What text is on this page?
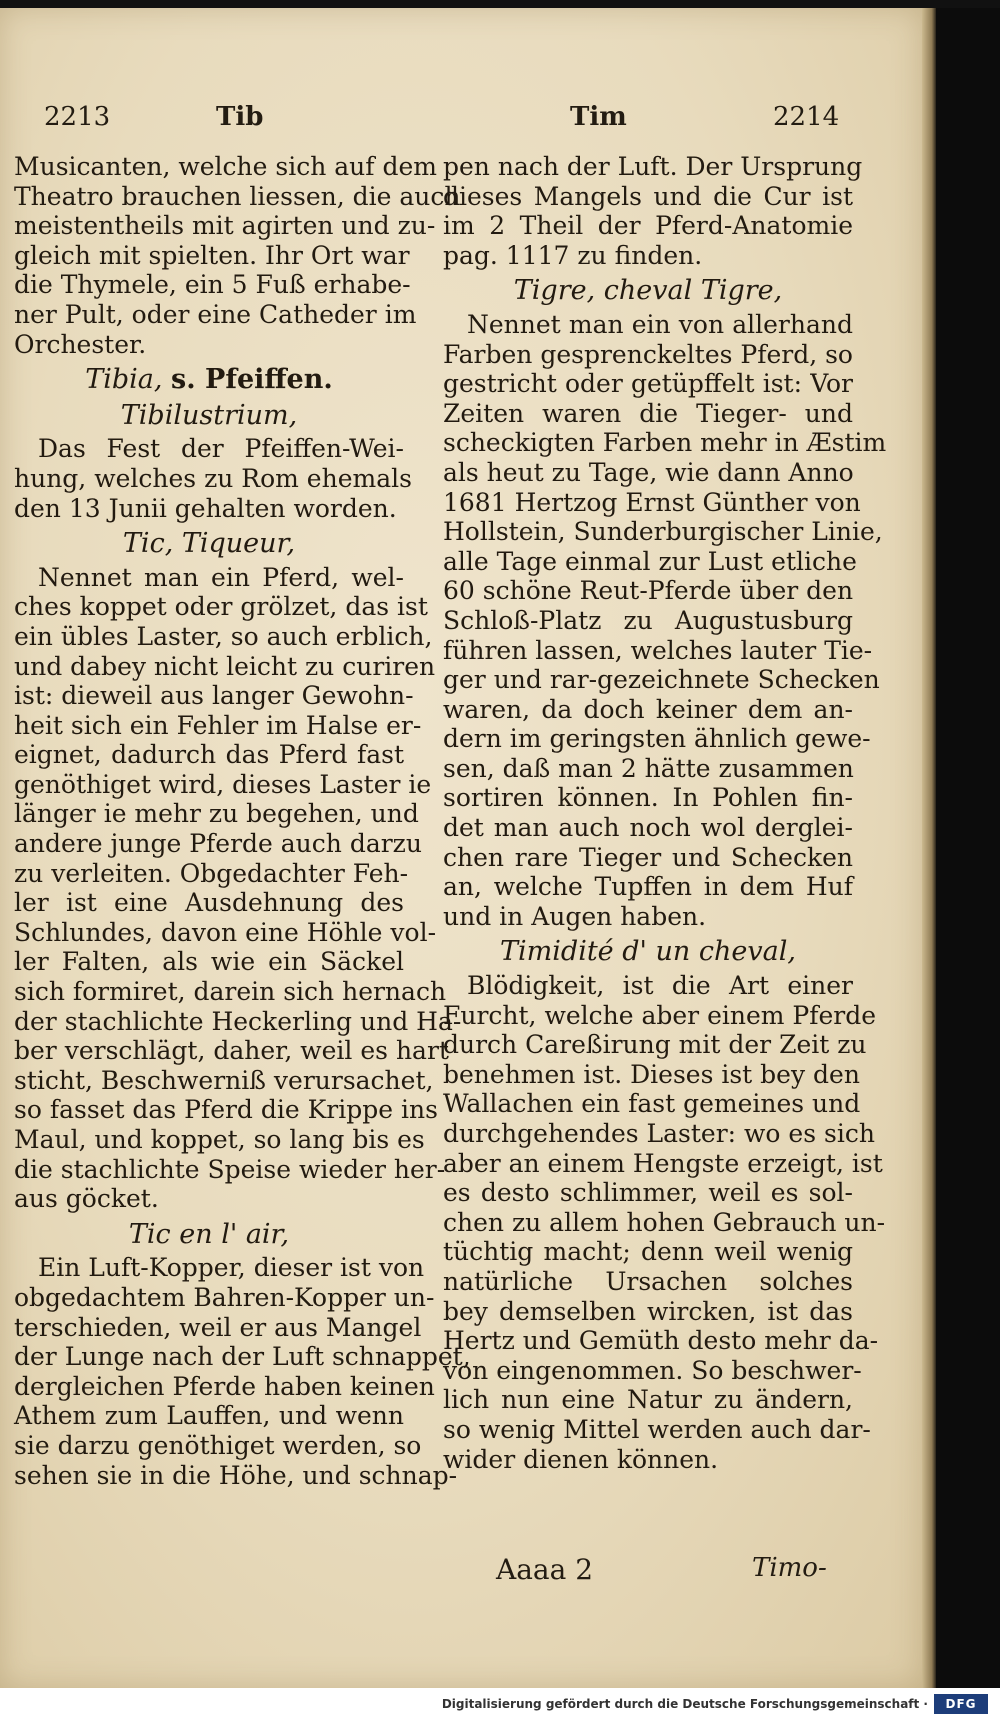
2213	Tib	Tim	2214
Musicanten, welche sich auf dem
Theatro brauchen liessen, die auch
meistentheils mit agirten und zu-
gleich mit spielten. Ihr Ort war
die Thymele, ein 5 Fuß erhabe-
ner Pult, oder eine Catheder im
Orchester.
Tibia, s. Pfeiffen.
Tibilustrium,
Das Fest der Pfeiffen-Wei-
hung, welches zu Rom ehemals
den 13 Junii gehalten worden.
Tic, Tiqueur,
Nennet man ein Pferd, wel-
ches koppet oder grölzet, das ist
ein übles Laster, so auch erblich,
und dabey nicht leicht zu curiren
ist: dieweil aus langer Gewohn-
heit sich ein Fehler im Halse er-
eignet, dadurch das Pferd fast
genöthiget wird, dieses Laster ie
länger ie mehr zu begehen, und
andere junge Pferde auch darzu
zu verleiten. Obgedachter Feh-
ler ist eine Ausdehnung des
Schlundes, davon eine Höhle vol-
ler Falten, als wie ein Säckel
sich formiret, darein sich hernach
der stachlichte Heckerling und Ha-
ber verschlägt, daher, weil es hart
sticht, Beschwerniß verursachet,
so fasset das Pferd die Krippe ins
Maul, und koppet, so lang bis es
die stachlichte Speise wieder her-
aus göcket.
Tic en l' air,
Ein Luft-Kopper, dieser ist von
obgedachtem Bahren-Kopper un-
terschieden, weil er aus Mangel
der Lunge nach der Luft schnappet,
dergleichen Pferde haben keinen
Athem zum Lauffen, und wenn
sie darzu genöthiget werden, so
sehen sie in die Höhe, und schnap-
pen nach der Luft. Der Ursprung
dieses Mangels und die Cur ist
im 2 Theil der Pferd-Anatomie
pag. 1117 zu finden.
Tigre, cheval Tigre,
Nennet man ein von allerhand
Farben gesprenckeltes Pferd, so
gestricht oder getüpffelt ist: Vor
Zeiten waren die Tieger- und
scheckigten Farben mehr in Æstim
als heut zu Tage, wie dann Anno
1681 Hertzog Ernst Günther von
Hollstein, Sunderburgischer Linie,
alle Tage einmal zur Lust etliche
60 schöne Reut-Pferde über den
Schloß-Platz zu Augustusburg
führen lassen, welches lauter Tie-
ger und rar-gezeichnete Schecken
waren, da doch keiner dem an-
dern im geringsten ähnlich gewe-
sen, daß man 2 hätte zusammen
sortiren können. In Pohlen fin-
det man auch noch wol derglei-
chen rare Tieger und Schecken
an, welche Tupffen in dem Huf
und in Augen haben.
Timidité d' un cheval,
Blödigkeit, ist die Art einer
Furcht, welche aber einem Pferde
durch Careßirung mit der Zeit zu
benehmen ist. Dieses ist bey den
Wallachen ein fast gemeines und
durchgehendes Laster: wo es sich
aber an einem Hengste erzeigt, ist
es desto schlimmer, weil es sol-
chen zu allem hohen Gebrauch un-
tüchtig macht; denn weil wenig
natürliche Ursachen solches
bey demselben wircken, ist das
Hertz und Gemüth desto mehr da-
von eingenommen. So beschwer-
lich nun eine Natur zu ändern,
so wenig Mittel werden auch dar-
wider dienen können.
Aaaa 2	Timo-
Digitalisierung gefördert durch die Deutsche Forschungsgemeinschaft ·	DFG
